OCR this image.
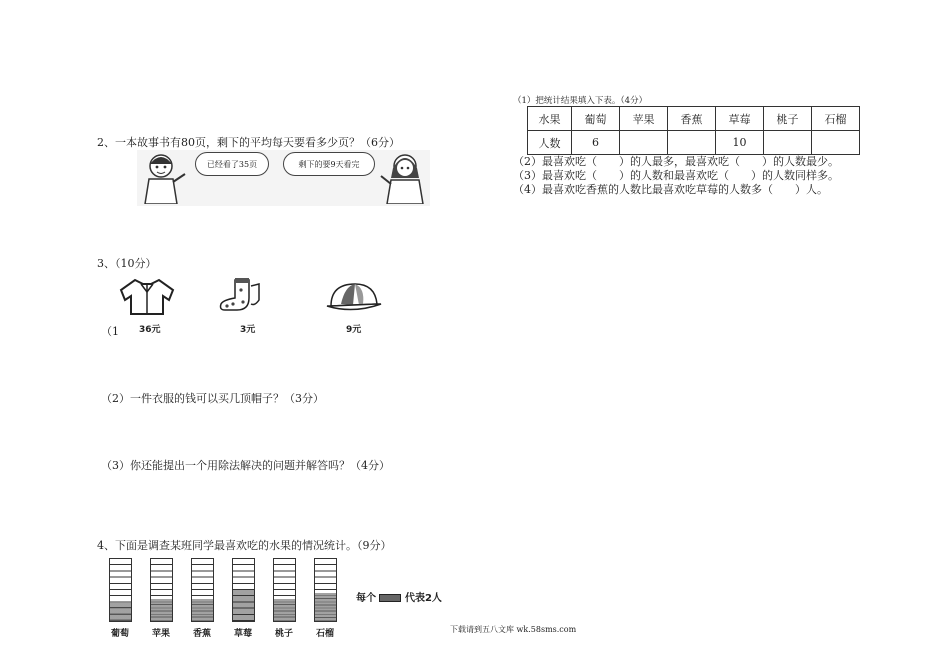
（1）把统计结果填入下表。（4分）
水果	葡萄	苹果	香蕉	草莓	桃子	石榴
人数	6			10		
（2）最喜欢吃（　　）的人最多，最喜欢吃（　　）的人数最少。
（3）最喜欢吃（　　）的人数和最喜欢吃（　　）的人数同样多。
（4）最喜欢吃香蕉的人数比最喜欢吃草莓的人数多（　　）人。
2、一本故事书有80页，剩下的平均每天要看多少页？（6分）
已经看了35页	剩下的要9天看完
3、（10分）
（1 36元	3元	9元
（2）一件衣服的钱可以买几顶帽子？（3分）
（3）你还能提出一个用除法解决的问题并解答吗？（4分）
4、下面是调查某班同学最喜欢吃的水果的情况统计。（9分）
葡萄	苹果	香蕉	草莓	桃子	石榴
每个	代表2人
下载请到五八文库 wk.58sms.com
